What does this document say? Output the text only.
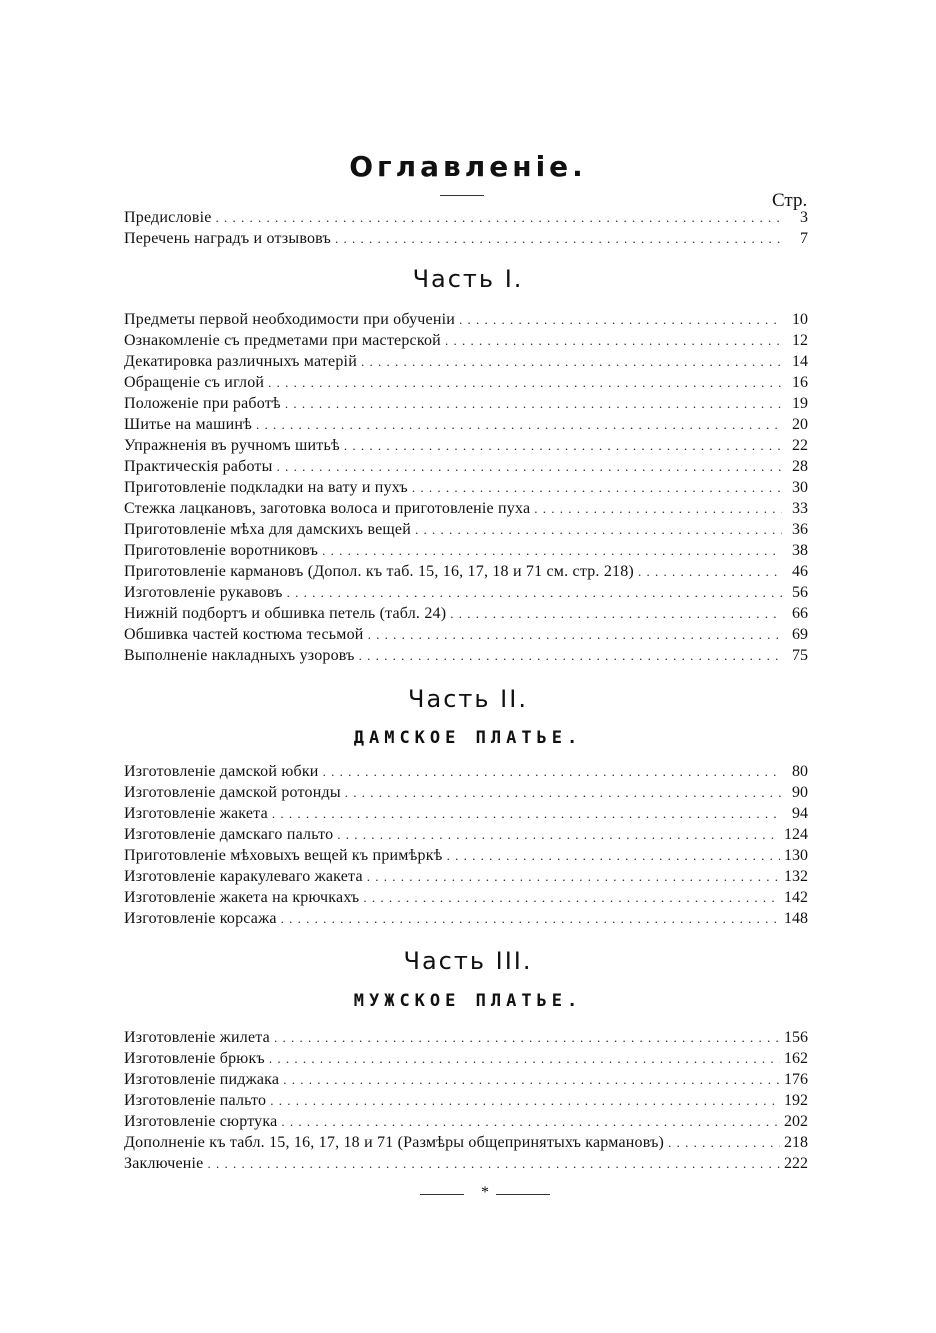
Оглавленіе.
Стр.
Предисловіе . . .	3
Перечень наградъ и отзывовъ . . .	7
Часть I.
Предметы первой необходимости при обученіи . . .	10
Ознакомленіе съ предметами при мастерской . . .	12
Декатировка различныхъ матерій . . .	14
Обращеніе съ иглой . . .	16
Положеніе при работѣ . . .	19
Шитье на машинѣ . . .	20
Упражненія въ ручномъ шитьѣ . . .	22
Практическія работы . . .	28
Приготовленіе подкладки на вату и пухъ . . .	30
Стежка лацкановъ, заготовка волоса и приготовленіе пуха . . .	33
Приготовленіе мѣха для дамскихъ вещей . . .	36
Приготовленіе воротниковъ . . .	38
Приготовленіе кармановъ (Допол. къ таб. 15, 16, 17, 18 и 71 см. стр. 218) . . .	46
Изготовленіе рукавовъ . . .	56
Нижній подбортъ и обшивка петель (табл. 24) . . .	66
Обшивка частей костюма тесьмой . . .	69
Выполненіе накладныхъ узоровъ . . .	75
Часть II.
ДАМСКОЕ ПЛАТЬЕ.
Изготовленіе дамской юбки . . .	80
Изготовленіе дамской ротонды . . .	90
Изготовленіе жакета . . .	94
Изготовленіе дамскаго пальто . . .	124
Приготовленіе мѣховыхъ вещей къ примѣркѣ . . .	130
Изготовленіе каракулеваго жакета . . .	132
Изготовленіе жакета на крючкахъ . . .	142
Изготовленіе корсажа . . .	148
Часть III.
МУЖСКОЕ ПЛАТЬЕ.
Изготовленіе жилета . . .	156
Изготовленіе брюкъ . . .	162
Изготовленіе пиджака . . .	176
Изготовленіе пальто . . .	192
Изготовленіе сюртука . . .	202
Дополненіе къ табл. 15, 16, 17, 18 и 71 (Размѣры общепринятыхъ кармановъ) . . .	218
Заключеніе . . .	222
*
